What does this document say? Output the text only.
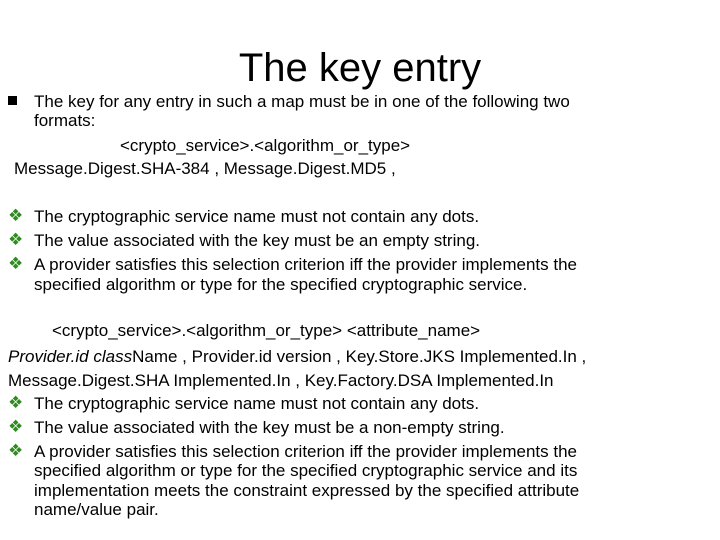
The key entry
The key for any entry in such a map must be in one of the following two
formats:
<crypto_service>.<algorithm_or_type>
Message.Digest.SHA-384 , Message.Digest.MD5 ,
❖ The cryptographic service name must not contain any dots.
❖ The value associated with the key must be an empty string.
❖ A provider satisfies this selection criterion iff the provider implements the
specified algorithm or type for the specified cryptographic service.
<crypto_service>.<algorithm_or_type> <attribute_name>
Provider.id className , Provider.id version , Key.Store.JKS Implemented.In ,
Message.Digest.SHA Implemented.In , Key.Factory.DSA Implemented.In
❖ The cryptographic service name must not contain any dots.
❖ The value associated with the key must be a non-empty string.
❖ A provider satisfies this selection criterion iff the provider implements the
specified algorithm or type for the specified cryptographic service and its
implementation meets the constraint expressed by the specified attribute
name/value pair.
